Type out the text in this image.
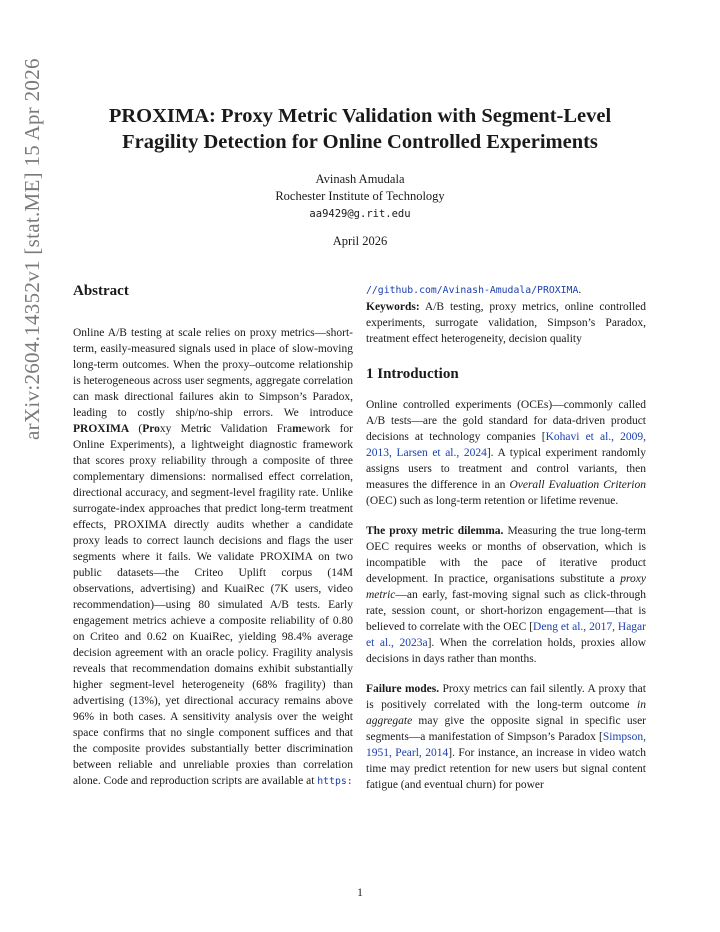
arXiv:2604.14352v1 [stat.ME] 15 Apr 2026	PROXIMA: Proxy Metric Validation with Segment-Level
Fragility Detection for Online Controlled Experiments
Avinash Amudala
Rochester Institute of Technology
aa9429@g.rit.edu
April 2026
Abstract

Online A/B testing at scale relies on proxy metrics—short-term, easily-measured signals used in place of slow-moving long-term outcomes. When the proxy–outcome relationship is heterogeneous across user segments, aggregate correlation can mask directional failures akin to Simpson’s Paradox, leading to costly ship/no-ship errors. We introduce PROXIMA (Proxy Metric Validation Framework for Online Experiments), a lightweight diagnostic framework that scores proxy reliability through a composite of three complementary dimensions: normalised effect correlation, directional accuracy, and segment-level fragility rate. Unlike surrogate-index approaches that predict long-term treatment effects, PROXIMA directly audits whether a candidate proxy leads to correct launch decisions and flags the user segments where it fails. We validate PROXIMA on two public datasets—the Criteo Uplift corpus (14M observations, advertising) and KuaiRec (7K users, video recommendation)—using 80 simulated A/B tests. Early engagement metrics achieve a composite reliability of 0.80 on Criteo and 0.62 on KuaiRec, yielding 98.4% average decision agreement with an oracle policy. Fragility analysis reveals that recommendation domains exhibit substantially higher segment-level heterogeneity (68% fragility) than advertising (13%), yet directional accuracy remains above 96% in both cases. A sensitivity analysis over the weight space confirms that no single component suffices and that the composite provides substantially better discrimination between reliable and unreliable proxies than correlation alone. Code and reproduction scripts are available at https:

//github.com/Avinash-Amudala/PROXIMA.

Keywords: A/B testing, proxy metrics, online controlled experiments, surrogate validation, Simpson’s Paradox, treatment effect heterogeneity, decision quality

1 Introduction

Online controlled experiments (OCEs)—commonly called A/B tests—are the gold standard for data-driven product decisions at technology companies [Kohavi et al., 2009, 2013, Larsen et al., 2024]. A typical experiment randomly assigns users to treatment and control variants, then measures the difference in an Overall Evaluation Criterion (OEC) such as long-term retention or lifetime revenue.

The proxy metric dilemma. Measuring the true long-term OEC requires weeks or months of observation, which is incompatible with the pace of iterative product development. In practice, organisations substitute a proxy metric—an early, fast-moving signal such as click-through rate, session count, or short-horizon engagement—that is believed to correlate with the OEC [Deng et al., 2017, Hagar et al., 2023a]. When the correlation holds, proxies allow decisions in days rather than months.

Failure modes. Proxy metrics can fail silently. A proxy that is positively correlated with the long-term outcome in aggregate may give the opposite signal in specific user segments—a manifestation of Simpson’s Paradox [Simpson, 1951, Pearl, 2014]. For instance, an increase in video watch time may predict retention for new users but signal content fatigue (and eventual churn) for power

1
